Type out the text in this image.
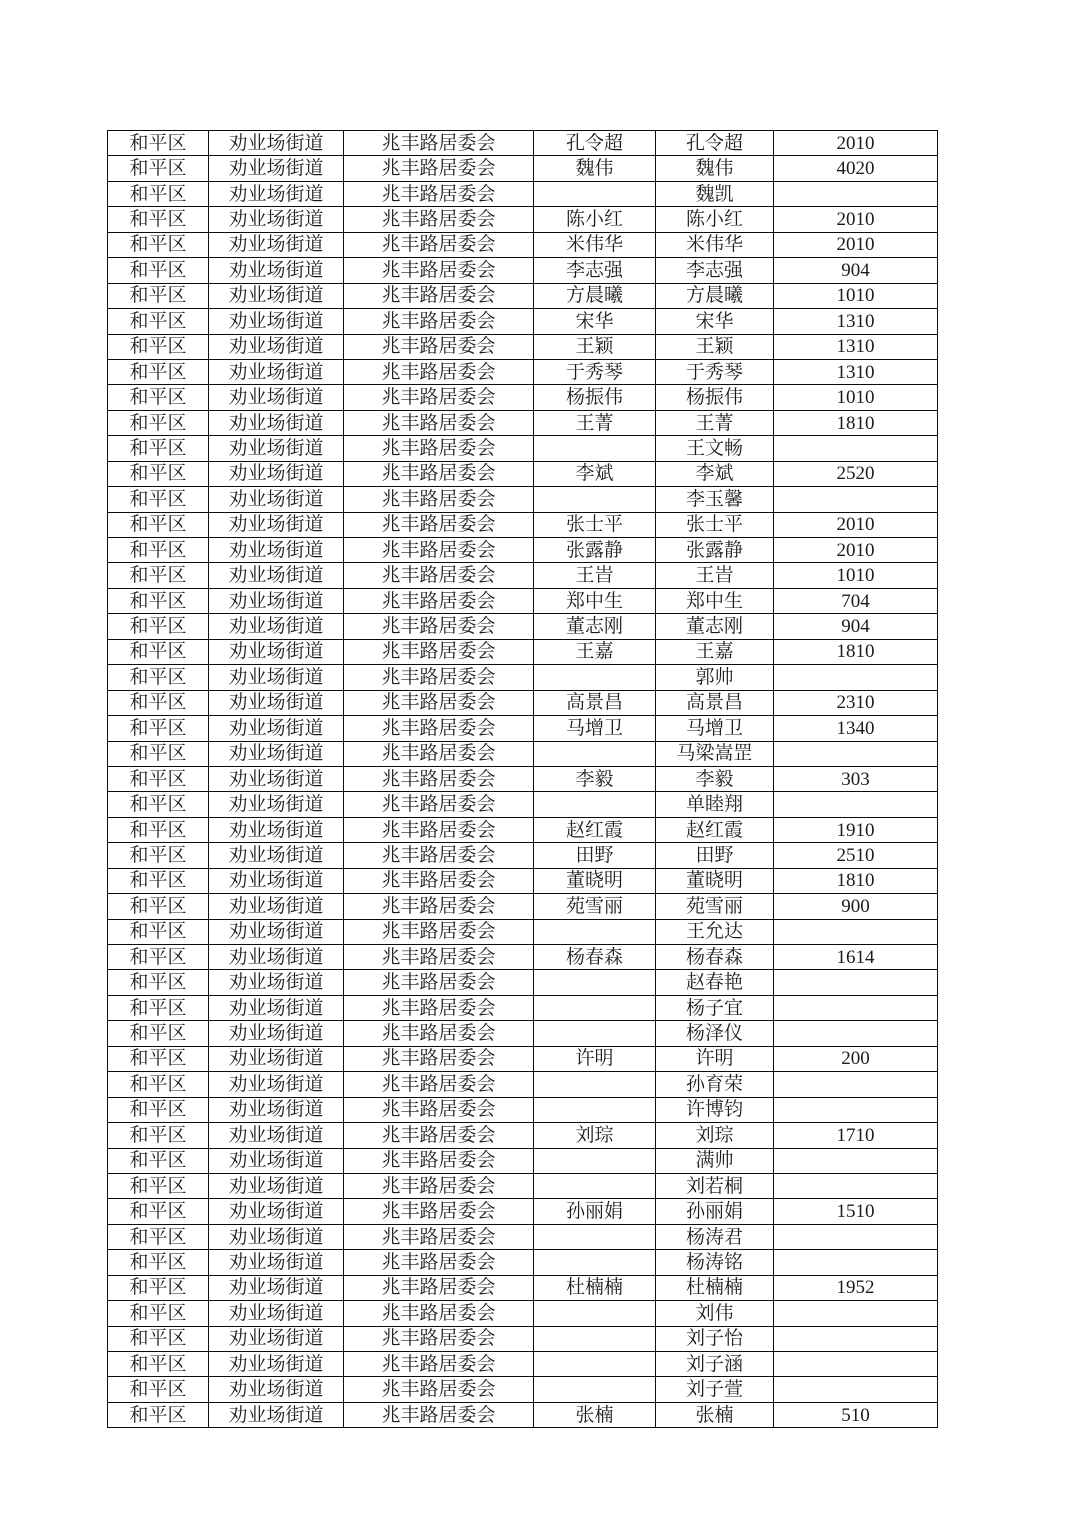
和平区	劝业场街道	兆丰路居委会	孔令超	孔令超	2010
和平区	劝业场街道	兆丰路居委会	魏伟	魏伟	4020
和平区	劝业场街道	兆丰路居委会		魏凯	
和平区	劝业场街道	兆丰路居委会	陈小红	陈小红	2010
和平区	劝业场街道	兆丰路居委会	米伟华	米伟华	2010
和平区	劝业场街道	兆丰路居委会	李志强	李志强	904
和平区	劝业场街道	兆丰路居委会	方晨曦	方晨曦	1010
和平区	劝业场街道	兆丰路居委会	宋华	宋华	1310
和平区	劝业场街道	兆丰路居委会	王颖	王颖	1310
和平区	劝业场街道	兆丰路居委会	于秀琴	于秀琴	1310
和平区	劝业场街道	兆丰路居委会	杨振伟	杨振伟	1010
和平区	劝业场街道	兆丰路居委会	王菁	王菁	1810
和平区	劝业场街道	兆丰路居委会		王文畅	
和平区	劝业场街道	兆丰路居委会	李斌	李斌	2520
和平区	劝业场街道	兆丰路居委会		李玉馨	
和平区	劝业场街道	兆丰路居委会	张士平	张士平	2010
和平区	劝业场街道	兆丰路居委会	张露静	张露静	2010
和平区	劝业场街道	兆丰路居委会	王旹	王旹	1010
和平区	劝业场街道	兆丰路居委会	郑中生	郑中生	704
和平区	劝业场街道	兆丰路居委会	董志刚	董志刚	904
和平区	劝业场街道	兆丰路居委会	王嘉	王嘉	1810
和平区	劝业场街道	兆丰路居委会		郭帅	
和平区	劝业场街道	兆丰路居委会	高景昌	高景昌	2310
和平区	劝业场街道	兆丰路居委会	马增卫	马增卫	1340
和平区	劝业场街道	兆丰路居委会		马梁嵩罡	
和平区	劝业场街道	兆丰路居委会	李毅	李毅	303
和平区	劝业场街道	兆丰路居委会		单睦翔	
和平区	劝业场街道	兆丰路居委会	赵红霞	赵红霞	1910
和平区	劝业场街道	兆丰路居委会	田野	田野	2510
和平区	劝业场街道	兆丰路居委会	董晓明	董晓明	1810
和平区	劝业场街道	兆丰路居委会	苑雪丽	苑雪丽	900
和平区	劝业场街道	兆丰路居委会		王允达	
和平区	劝业场街道	兆丰路居委会	杨春森	杨春森	1614
和平区	劝业场街道	兆丰路居委会		赵春艳	
和平区	劝业场街道	兆丰路居委会		杨子宜	
和平区	劝业场街道	兆丰路居委会		杨泽仪	
和平区	劝业场街道	兆丰路居委会	许明	许明	200
和平区	劝业场街道	兆丰路居委会		孙育荣	
和平区	劝业场街道	兆丰路居委会		许博钧	
和平区	劝业场街道	兆丰路居委会	刘琮	刘琮	1710
和平区	劝业场街道	兆丰路居委会		满帅	
和平区	劝业场街道	兆丰路居委会		刘若桐	
和平区	劝业场街道	兆丰路居委会	孙丽娟	孙丽娟	1510
和平区	劝业场街道	兆丰路居委会		杨涛君	
和平区	劝业场街道	兆丰路居委会		杨涛铭	
和平区	劝业场街道	兆丰路居委会	杜楠楠	杜楠楠	1952
和平区	劝业场街道	兆丰路居委会		刘伟	
和平区	劝业场街道	兆丰路居委会		刘子怡	
和平区	劝业场街道	兆丰路居委会		刘子涵	
和平区	劝业场街道	兆丰路居委会		刘子萱	
和平区	劝业场街道	兆丰路居委会	张楠	张楠	510
